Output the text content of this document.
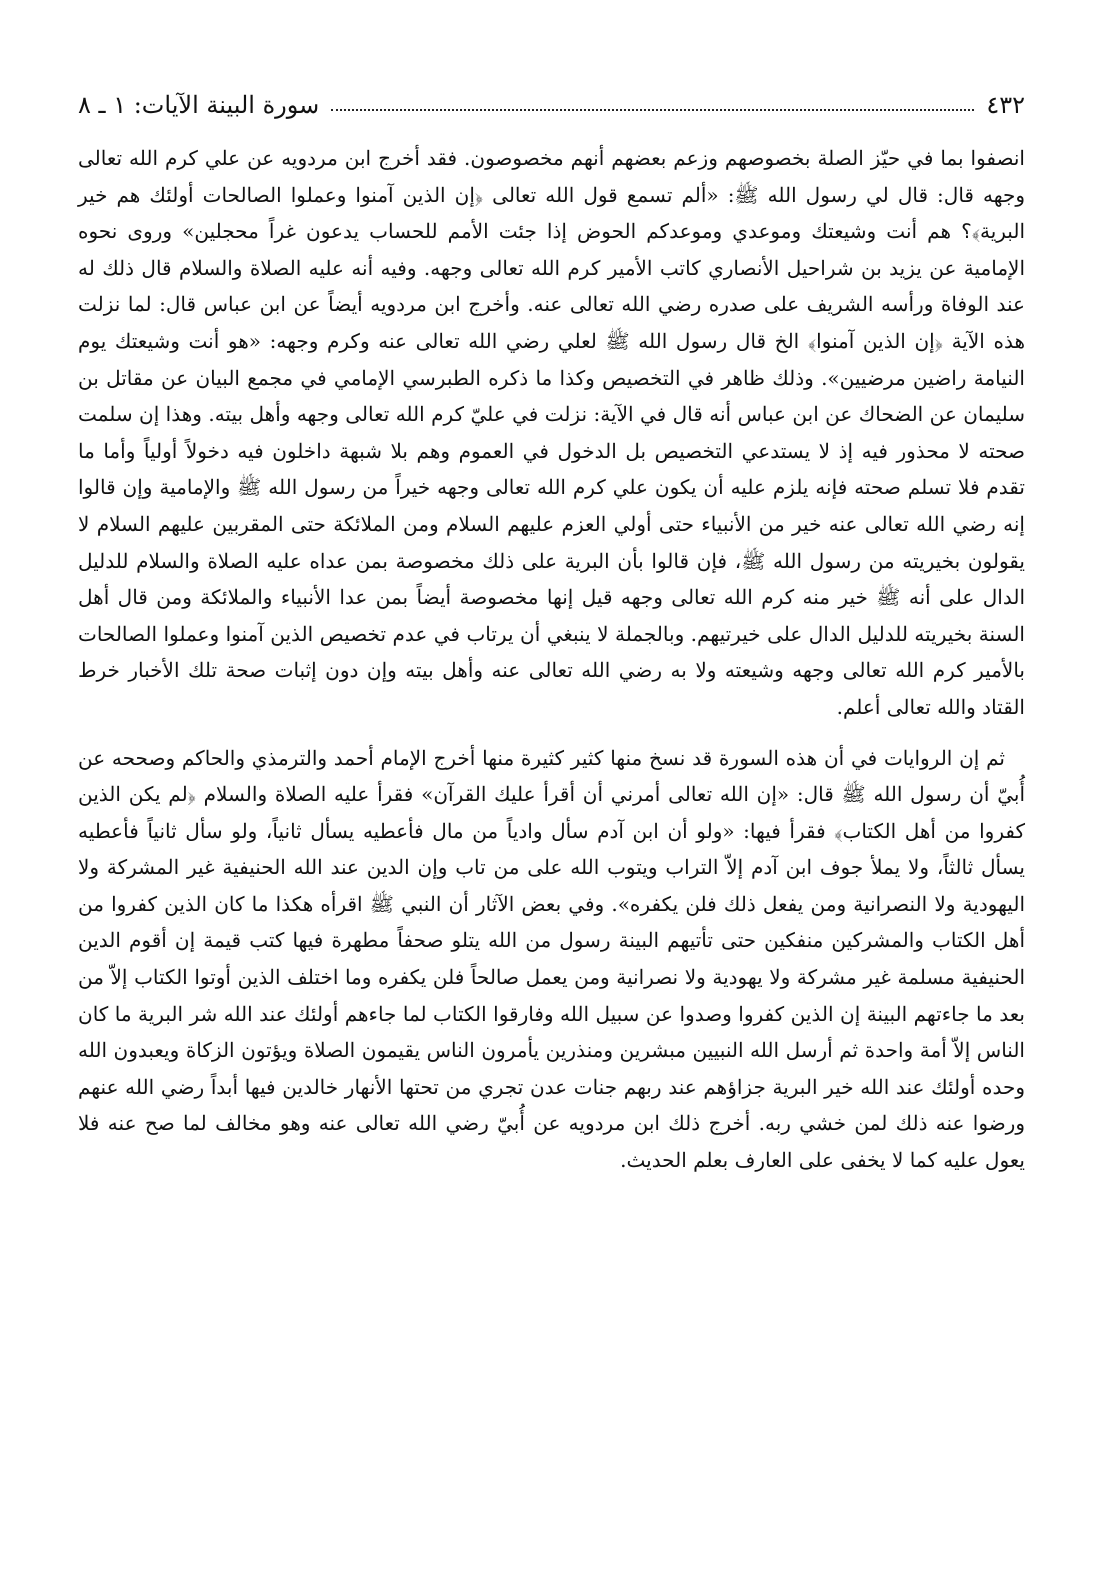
٤٣٢
سورة البينة الآيات: ١ ـ ٨

انصفوا بما في حيّز الصلة بخصوصهم وزعم بعضهم أنهم مخصوصون. فقد أخرج ابن مردويه عن علي كرم الله تعالى وجهه قال: قال لي رسول الله ﷺ: «ألم تسمع قول الله تعالى ﴿إن الذين آمنوا وعملوا الصالحات أولئك هم خير البرية﴾؟ هم أنت وشيعتك وموعدي وموعدكم الحوض إذا جئت الأمم للحساب يدعون غراً محجلين» وروى نحوه الإمامية عن يزيد بن شراحيل الأنصاري كاتب الأمير كرم الله تعالى وجهه. وفيه أنه عليه الصلاة والسلام قال ذلك له عند الوفاة ورأسه الشريف على صدره رضي الله تعالى عنه. وأخرج ابن مردويه أيضاً عن ابن عباس قال: لما نزلت هذه الآية ﴿إن الذين آمنوا﴾ الخ قال رسول الله ﷺ لعلي رضي الله تعالى عنه وكرم وجهه: «هو أنت وشيعتك يوم النيامة راضين مرضيين». وذلك ظاهر في التخصيص وكذا ما ذكره الطبرسي الإمامي في مجمع البيان عن مقاتل بن سليمان عن الضحاك عن ابن عباس أنه قال في الآية: نزلت في عليّ كرم الله تعالى وجهه وأهل بيته. وهذا إن سلمت صحته لا محذور فيه إذ لا يستدعي التخصيص بل الدخول في العموم وهم بلا شبهة داخلون فيه دخولاً أولياً وأما ما تقدم فلا تسلم صحته فإنه يلزم عليه أن يكون علي كرم الله تعالى وجهه خيراً من رسول الله ﷺ والإمامية وإن قالوا إنه رضي الله تعالى عنه خير من الأنبياء حتى أولي العزم عليهم السلام ومن الملائكة حتى المقربين عليهم السلام لا يقولون بخيريته من رسول الله ﷺ، فإن قالوا بأن البرية على ذلك مخصوصة بمن عداه عليه الصلاة والسلام للدليل الدال على أنه ﷺ خير منه كرم الله تعالى وجهه قيل إنها مخصوصة أيضاً بمن عدا الأنبياء والملائكة ومن قال أهل السنة بخيريته للدليل الدال على خيرتيهم. وبالجملة لا ينبغي أن يرتاب في عدم تخصيص الذين آمنوا وعملوا الصالحات بالأمير كرم الله تعالى وجهه وشيعته ولا به رضي الله تعالى عنه وأهل بيته وإن دون إثبات صحة تلك الأخبار خرط القتاد والله تعالى أعلم.

ثم إن الروايات في أن هذه السورة قد نسخ منها كثير كثيرة منها أخرج الإمام أحمد والترمذي والحاكم وصححه عن أُبيّ أن رسول الله ﷺ قال: «إن الله تعالى أمرني أن أقرأ عليك القرآن» فقرأ عليه الصلاة والسلام ﴿لم يكن الذين كفروا من أهل الكتاب﴾ فقرأ فيها: «ولو أن ابن آدم سأل وادياً من مال فأعطيه يسأل ثانياً، ولو سأل ثانياً فأعطيه يسأل ثالثاً، ولا يملأ جوف ابن آدم إلاّ التراب ويتوب الله على من تاب وإن الدين عند الله الحنيفية غير المشركة ولا اليهودية ولا النصرانية ومن يفعل ذلك فلن يكفره». وفي بعض الآثار أن النبي ﷺ اقرأه هكذا ما كان الذين كفروا من أهل الكتاب والمشركين منفكين حتى تأتيهم البينة رسول من الله يتلو صحفاً مطهرة فيها كتب قيمة إن أقوم الدين الحنيفية مسلمة غير مشركة ولا يهودية ولا نصرانية ومن يعمل صالحاً فلن يكفره وما اختلف الذين أوتوا الكتاب إلاّ من بعد ما جاءتهم البينة إن الذين كفروا وصدوا عن سبيل الله وفارقوا الكتاب لما جاءهم أولئك عند الله شر البرية ما كان الناس إلاّ أمة واحدة ثم أرسل الله النبيين مبشرين ومنذرين يأمرون الناس يقيمون الصلاة ويؤتون الزكاة ويعبدون الله وحده أولئك عند الله خير البرية جزاؤهم عند ربهم جنات عدن تجري من تحتها الأنهار خالدين فيها أبداً رضي الله عنهم ورضوا عنه ذلك لمن خشي ربه. أخرج ذلك ابن مردويه عن أُبيّ رضي الله تعالى عنه وهو مخالف لما صح عنه فلا يعول عليه كما لا يخفى على العارف بعلم الحديث.
